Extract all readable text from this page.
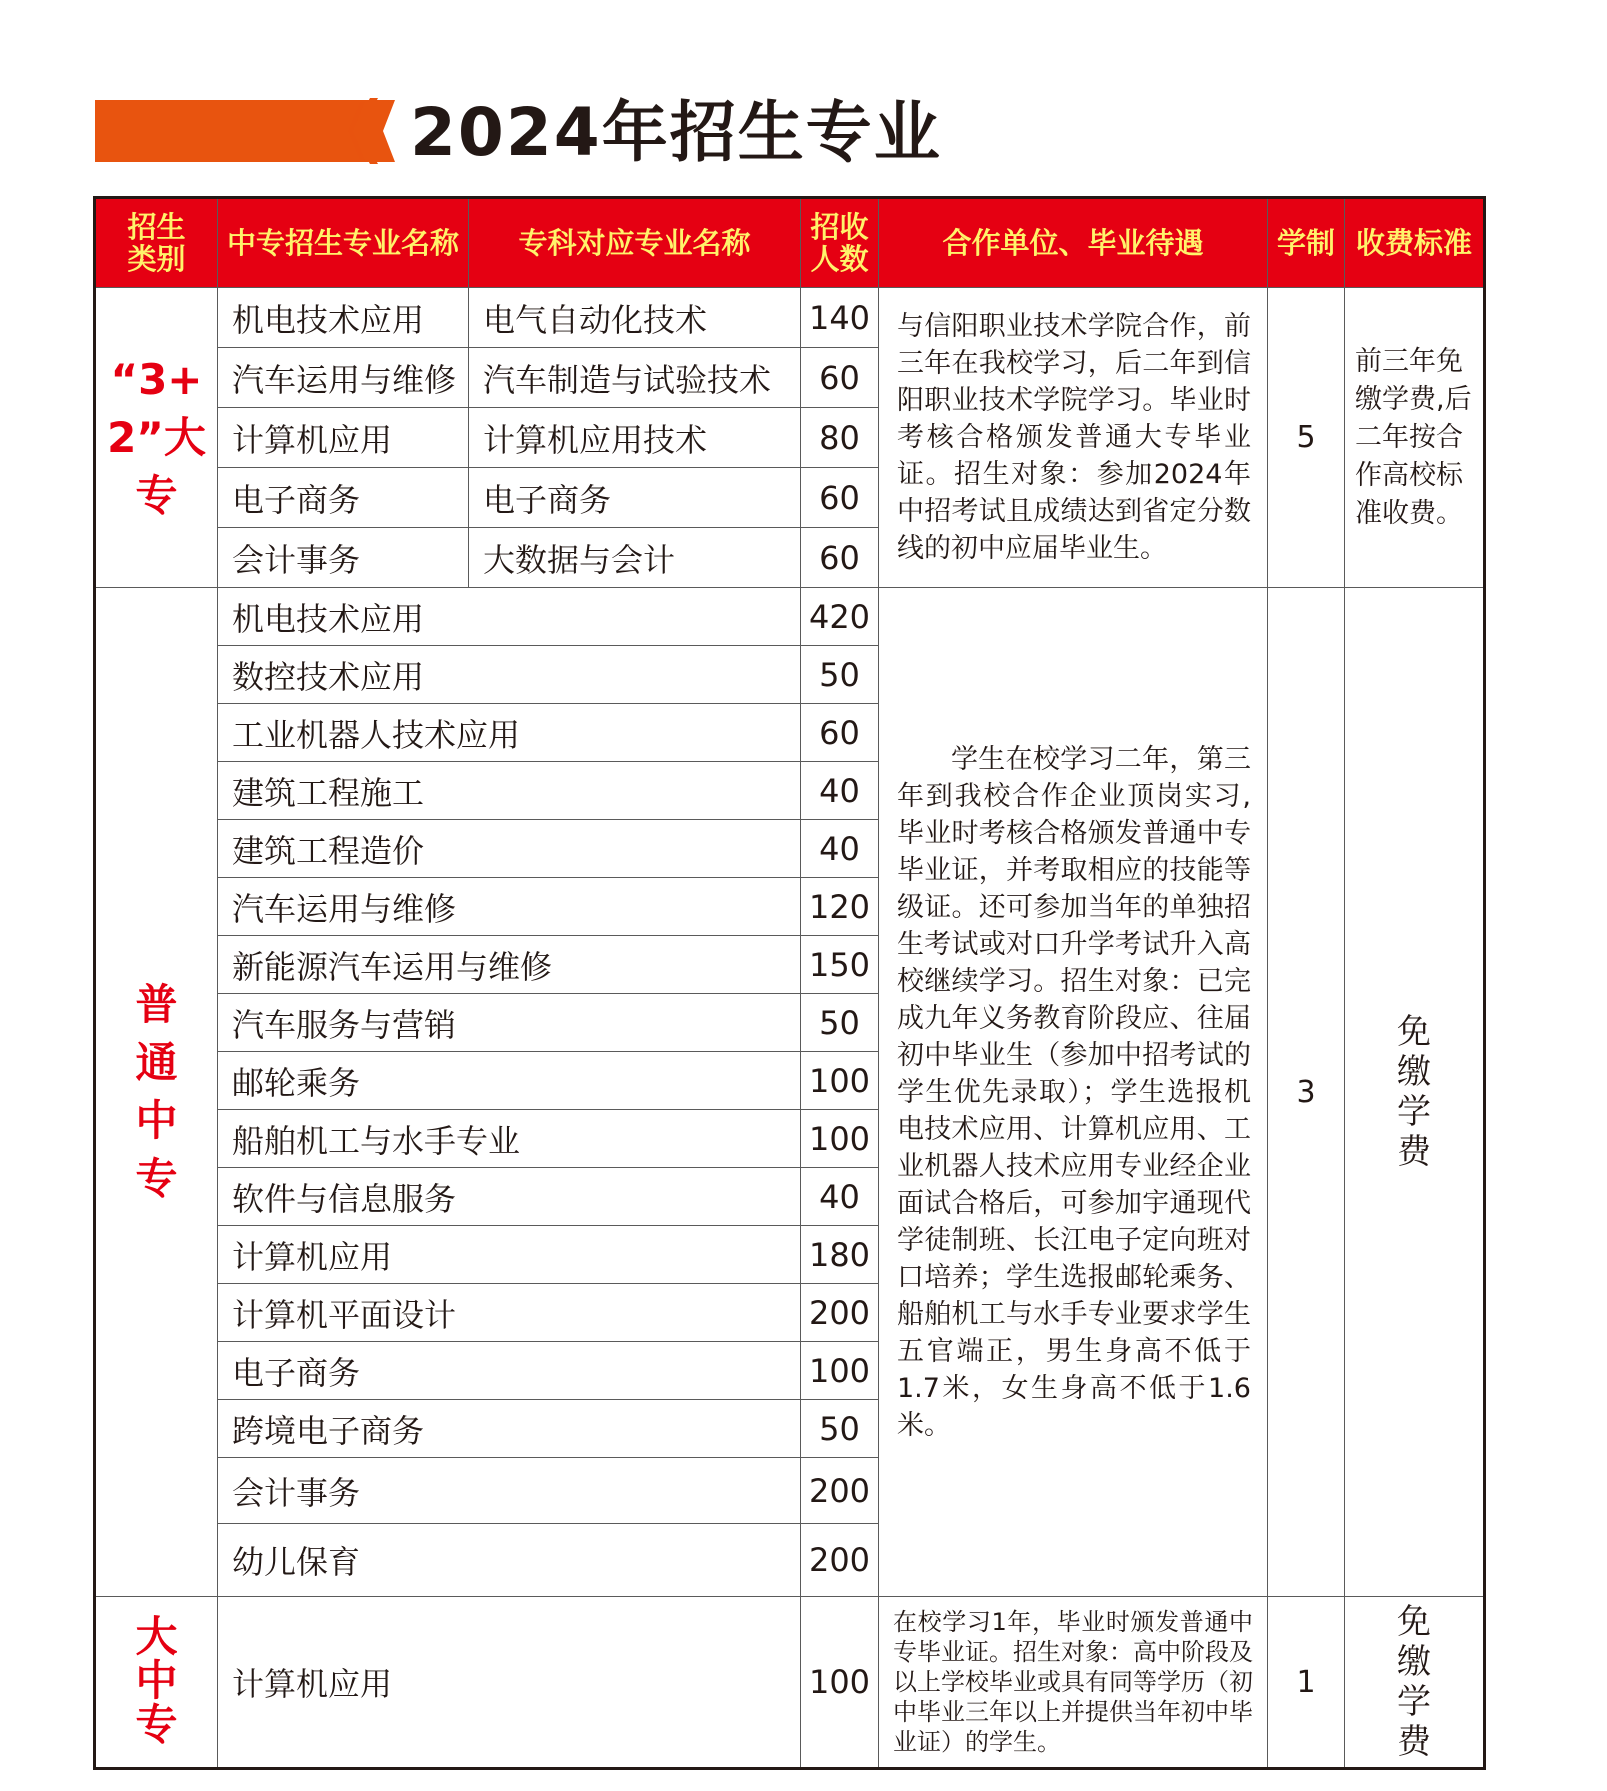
2024年招生专业
招生类别	中专招生专业名称	专科对应专业名称	招收人数	合作单位、毕业待遇	学制	收费标准
“3+2”大专	机电技术应用	电气自动化技术	140	与信阳职业技术学院合作，前三年在我校学习，后二年到信阳职业技术学院学习。毕业时考核合格颁发普通大专毕业证。招生对象：参加2024年中招考试且成绩达到省定分数线的初中应届毕业生。	5	前三年免缴学费,后二年按合作高校标准收费。
	汽车运用与维修	汽车制造与试验技术	60			
	计算机应用	计算机应用技术	80			
	电子商务	电子商务	60			
	会计事务	大数据与会计	60			
普通中专	机电技术应用		420	学生在校学习二年，第三年到我校合作企业顶岗实习,毕业时考核合格颁发普通中专毕业证，并考取相应的技能等级证。还可参加当年的单独招生考试或对口升学考试升入高校继续学习。招生对象：已完成九年义务教育阶段应、往届初中毕业生（参加中招考试的学生优先录取）；学生选报机电技术应用、计算机应用、工业机器人技术应用专业经企业面试合格后，可参加宇通现代学徒制班、长江电子定向班对口培养；学生选报邮轮乘务、船舶机工与水手专业要求学生五官端正，男生身高不低于1.7米，女生身高不低于1.6米。	3	免缴学费
	数控技术应用		50			
	工业机器人技术应用		60			
	建筑工程施工		40			
	建筑工程造价		40			
	汽车运用与维修		120			
	新能源汽车运用与维修		150			
	汽车服务与营销		50			
	邮轮乘务		100			
	船舶机工与水手专业		100			
	软件与信息服务		40			
	计算机应用		180			
	计算机平面设计		200			
	电子商务		100			
	跨境电子商务		50			
	会计事务		200			
	幼儿保育		200			
大中专	计算机应用		100	在校学习1年，毕业时颁发普通中专毕业证。招生对象：高中阶段及以上学校毕业或具有同等学历（初中毕业三年以上并提供当年初中毕业证）的学生。	1	免缴学费
